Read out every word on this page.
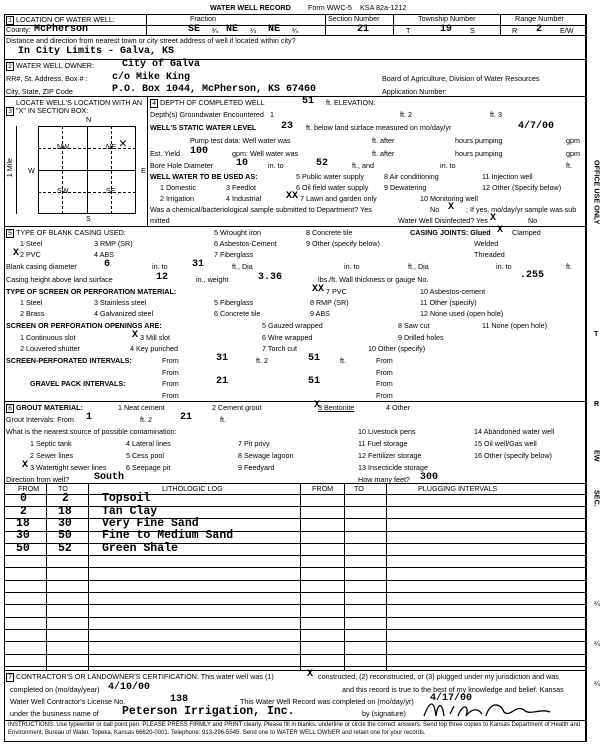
WATER WELL RECORD Form WWC-5 KSA 82a-1212
1 LOCATION OF WATER WELL:	Fraction	Section Number	Township Number	Range Number
County: McPherson	SE ¼ NE ¼ NE ¼	21	T	19 S	R 2 E/W
Distance and direction from nearest town or city street address of well if located within city?
In City Limits - Galva, KS
2 WATER WELL OWNER:	City of Galva
RR#, St. Address, Box # : c/o Mike King	Board of Agriculture, Division of Water Resources
City, State, ZIP Code	P.O. Box 1044, McPherson, KS 67460	Application Number:
3LOCATE WELL'S LOCATION WITH AN "X" IN SECTION BOX:
N
S
W	E
NW	NE
SW	SE
✕
1 Mile
4 DEPTH OF COMPLETED WELL	51 ft. ELEVATION:
Depth(s) Groundwater Encountered 1	ft. 2	ft. 3
WELL'S STATIC WATER LEVEL 23 ft. below land surface measured on mo/day/yr	4/7/00
Pump test data: Well water was	ft. after	hours pumping	gpm
Est. Yield 100	gpm: Well water was	ft. after	hours pumping	gpm
Bore Hole Diameter 10	in. to	52	ft., and	in. to	ft.
WELL WATER TO BE USED AS:	5 Public water supply	8 Air conditioning	11 Injection well
1 Domestic	3 Feedlot	6 Oil field water supply 9 Dewatering	12 Other (Specify below)
2 Irrigation	4 Industrial XX 7 Lawn and garden only	10 Monitoring well
Was a chemical/bacteriological sample submitted to Department? Yes	No X ; If yes, mo/day/yr sample was sub
mitted	Water Well Disinfected? Yes X	No
5 TYPE OF BLANK CASING USED:	5 Wrought iron	8 Concrete tile	CASING JOINTS: Glued X Clamped
1 Steel	3 RMP (SR)	6 Asbestos-Cement	9 Other (specify below)	Welded
X 2 PVC	4 ABS	7 Fiberglass	Threaded
Blank casing diameter	6	in. to 31	ft., Dia	in. to	ft., Dia	in. to	ft.
Casing height above land surface	12	in., weight	3.36	lbs./ft. Wall thickness or gauge No.	.255
TYPE OF SCREEN OR PERFORATION MATERIAL:	XX 7 PVC	10 Asbestos-cement
1 Steel	3 Stainless steel	5 Fiberglass	8 RMP (SR)	11 Other (specify)
2 Brass	4 Galvanized steel	6 Concrete tile	9 ABS	12 None used (open hole)
SCREEN OR PERFORATION OPENINGS ARE:	5 Gauzed wrapped	8 Saw cut	11 None (open hole)
1 Continuous slot	X 3 Mill slot	6 Wire wrapped	9 Drilled holes
2 Louvered shutter	4 Key punched	7 Torch cut	10 Other (specify)
SCREEN-PERFORATED INTERVALS:	From	31	ft. 2	51	ft.	From
From	From
GRAVEL PACK INTERVALS:	From	21	51	From
From	From
6 GROUT MATERIAL:	1 Neat cement	2 Cement grout	X
3 Bentonite	4 Other
Grout Intervals: From 1	ft. 2	21	ft.
What is the nearest source of possible contamination:	10 Livestock pens	14 Abandoned water well
1 Septic tank	4 Lateral lines	7 Pit privy	11 Fuel storage	15 Oil well/Gas well
2 Sewer lines	5 Cess pool	8 Sewage lagoon	12 Fertilizer storage	16 Other (specify below)
X 3 Watertight sewer lines	6 Seepage pit	9 Feedyard	13 Insecticide storage
Direction from well? South	How many feet? 300
FROM	TO	LITHOLOGIC LOG	FROM	TO	PLUGGING INTERVALS
0	2	Topsoil
2	18	Tan Clay
18 30	Very Fine Sand
30 50	Fine to Medium Sand
50 52	Green Shale
7 CONTRACTOR'S OR LANDOWNER'S CERTIFICATION: This water well was (1)	X constructed, (2) reconstructed, or (3) plugged under my jurisdiction and was
completed on (mo/day/year) 4/10/00	and this record is true to the best of my knowledge and belief. Kansas
Water Well Contractor's License No.	138	This Water Well Record was completed on (mo/day/yr) 4/17/00
under the business name of Peterson Irrigation, Inc.	by (signature)
INSTRUCTIONS: Use typewriter or ball point pen. PLEASE PRESS FIRMLY and PRINT clearly. Please fill in blanks, underline or circle the correct answers. Send top three copies to Kansas Department of Health and Environment, Bureau of Water, Topeka, Kansas 66620-0001. Telephone: 913-296-5545. Send one to WATER WELL OWNER and retain one for your records.
OFFICE USE ONLY
T
R
EW
SEC.
¼
¼
¼
